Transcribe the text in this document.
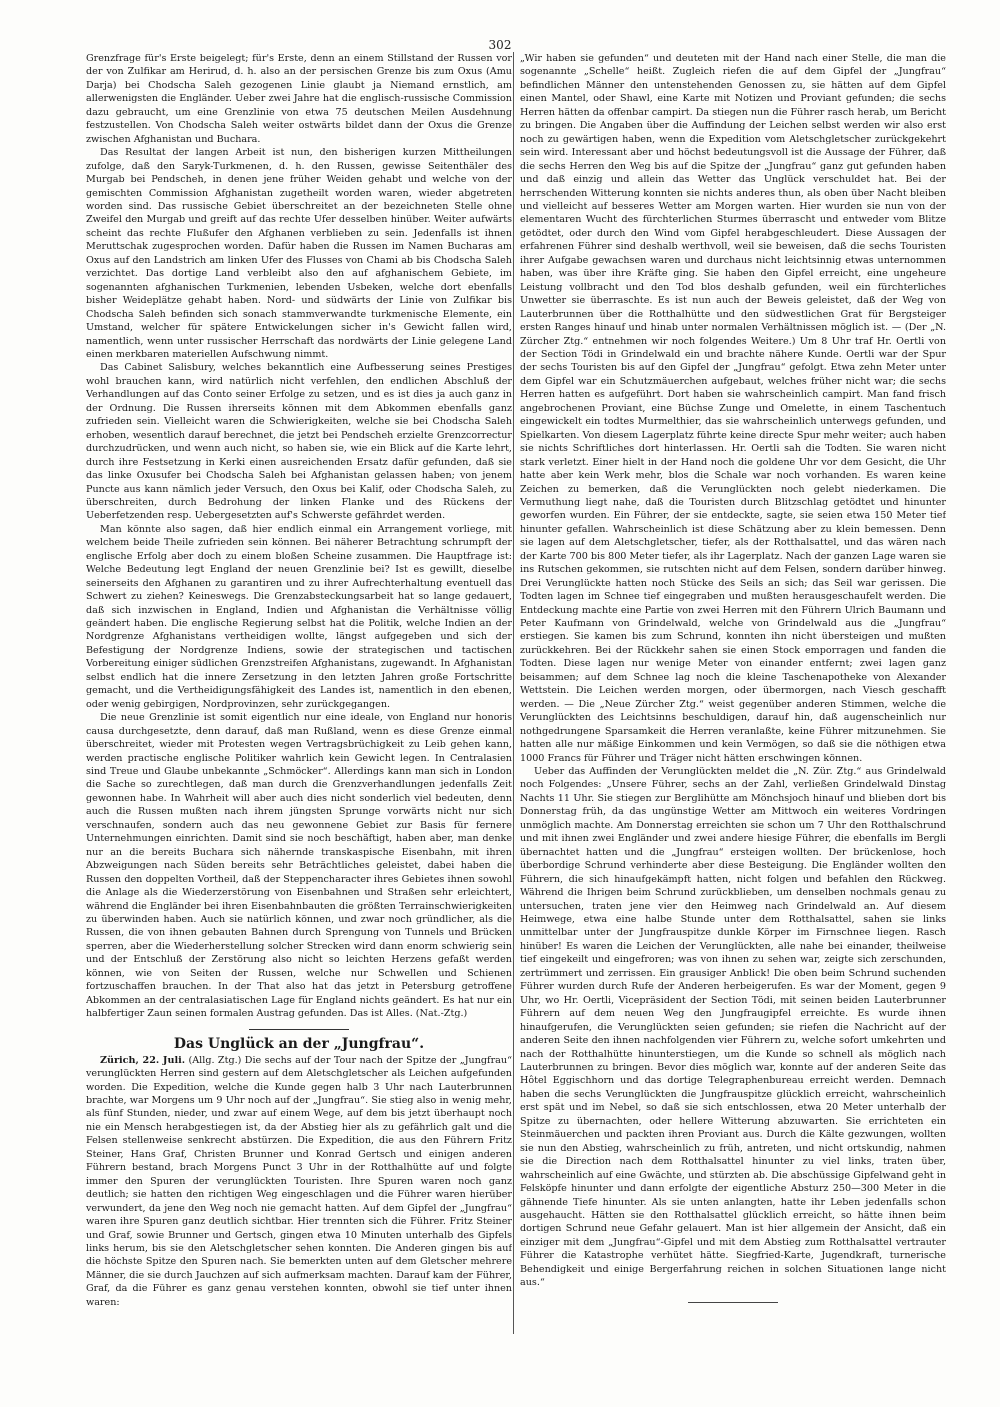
302

Grenzfrage für's Erste beigelegt; für's Erste, denn an einem Stillstand der Russen vor der von Zulfikar am Herirud, d. h. also an der persischen Grenze bis zum Oxus (Amu Darja) bei Chodscha Saleh gezogenen Linie glaubt ja Niemand ernstlich, am allerwenigsten die Engländer. Ueber zwei Jahre hat die englisch-russische Commission dazu gebraucht, um eine Grenzlinie von etwa 75 deutschen Meilen Ausdehnung festzustellen. Von Chodscha Saleh weiter ostwärts bildet dann der Oxus die Grenze zwischen Afghanistan und Buchara.

Das Resultat der langen Arbeit ist nun, den bisherigen kurzen Mittheilungen zufolge, daß den Saryk-Turkmenen, d. h. den Russen, gewisse Seitenthäler des Murgab bei Pendscheh, in denen jene früher Weiden gehabt und welche von der gemischten Commission Afghanistan zugetheilt worden waren, wieder abgetreten worden sind. Das russische Gebiet überschreitet an der bezeichneten Stelle ohne Zweifel den Murgab und greift auf das rechte Ufer desselben hinüber. Weiter aufwärts scheint das rechte Flußufer den Afghanen verblieben zu sein. Jedenfalls ist ihnen Meruttschak zugesprochen worden. Dafür haben die Russen im Namen Bucharas am Oxus auf den Landstrich am linken Ufer des Flusses von Chami ab bis Chodscha Saleh verzichtet. Das dortige Land verbleibt also den auf afghanischem Gebiete, im sogenannten afghanischen Turkmenien, lebenden Usbeken, welche dort ebenfalls bisher Weideplätze gehabt haben. Nord- und südwärts der Linie von Zulfikar bis Chodscha Saleh befinden sich sonach stammverwandte turkmenische Elemente, ein Umstand, welcher für spätere Entwickelungen sicher in's Gewicht fallen wird, namentlich, wenn unter russischer Herrschaft das nordwärts der Linie gelegene Land einen merkbaren materiellen Aufschwung nimmt.

Das Cabinet Salisbury, welches bekanntlich eine Aufbesserung seines Prestiges wohl brauchen kann, wird natürlich nicht verfehlen, den endlichen Abschluß der Verhandlungen auf das Conto seiner Erfolge zu setzen, und es ist dies ja auch ganz in der Ordnung. Die Russen ihrerseits können mit dem Abkommen ebenfalls ganz zufrieden sein. Vielleicht waren die Schwierigkeiten, welche sie bei Chodscha Saleh erhoben, wesentlich darauf berechnet, die jetzt bei Pendscheh erzielte Grenzcorrectur durchzudrücken, und wenn auch nicht, so haben sie, wie ein Blick auf die Karte lehrt, durch ihre Festsetzung in Kerki einen ausreichenden Ersatz dafür gefunden, daß sie das linke Oxusufer bei Chodscha Saleh bei Afghanistan gelassen haben; von jenem Puncte aus kann nämlich jeder Versuch, den Oxus bei Kalif, oder Chodscha Saleh, zu überschreiten, durch Bedrohung der linken Flanke und des Rückens der Ueberfetzenden resp. Uebergesetzten auf's Schwerste gefährdet werden.

Man könnte also sagen, daß hier endlich einmal ein Arrangement vorliege, mit welchem beide Theile zufrieden sein können. Bei näherer Betrachtung schrumpft der englische Erfolg aber doch zu einem bloßen Scheine zusammen. Die Hauptfrage ist: Welche Bedeutung legt England der neuen Grenzlinie bei? Ist es gewillt, dieselbe seinerseits den Afghanen zu garantiren und zu ihrer Aufrechterhaltung eventuell das Schwert zu ziehen? Keineswegs. Die Grenzabsteckungsarbeit hat so lange gedauert, daß sich inzwischen in England, Indien und Afghanistan die Verhältnisse völlig geändert haben. Die englische Regierung selbst hat die Politik, welche Indien an der Nordgrenze Afghanistans vertheidigen wollte, längst aufgegeben und sich der Befestigung der Nordgrenze Indiens, sowie der strategischen und tactischen Vorbereitung einiger südlichen Grenzstreifen Afghanistans, zugewandt. In Afghanistan selbst endlich hat die innere Zersetzung in den letzten Jahren große Fortschritte gemacht, und die Vertheidigungsfähigkeit des Landes ist, namentlich in den ebenen, oder wenig gebirgigen, Nordprovinzen, sehr zurückgegangen.

Die neue Grenzlinie ist somit eigentlich nur eine ideale, von England nur honoris causa durchgesetzte, denn darauf, daß man Rußland, wenn es diese Grenze einmal überschreitet, wieder mit Protesten wegen Vertragsbrüchigkeit zu Leib gehen kann, werden practische englische Politiker wahrlich kein Gewicht legen. In Centralasien sind Treue und Glaube unbekannte „Schmöcker“. Allerdings kann man sich in London die Sache so zurechtlegen, daß man durch die Grenzverhandlungen jedenfalls Zeit gewonnen habe. In Wahrheit will aber auch dies nicht sonderlich viel bedeuten, denn auch die Russen mußten nach ihrem jüngsten Sprunge vorwärts nicht nur sich verschnaufen, sondern auch das neu gewonnene Gebiet zur Basis für fernere Unternehmungen einrichten. Damit sind sie noch beschäftigt, haben aber, man denke nur an die bereits Buchara sich nähernde transkaspische Eisenbahn, mit ihren Abzweigungen nach Süden bereits sehr Beträchtliches geleistet, dabei haben die Russen den doppelten Vortheil, daß der Steppencharacter ihres Gebietes ihnen sowohl die Anlage als die Wiederzerstörung von Eisenbahnen und Straßen sehr erleichtert, während die Engländer bei ihren Eisenbahnbauten die größten Terrainschwierigkeiten zu überwinden haben. Auch sie natürlich können, und zwar noch gründlicher, als die Russen, die von ihnen gebauten Bahnen durch Sprengung von Tunnels und Brücken sperren, aber die Wiederherstellung solcher Strecken wird dann enorm schwierig sein und der Entschluß der Zerstörung also nicht so leichten Herzens gefaßt werden können, wie von Seiten der Russen, welche nur Schwellen und Schienen fortzuschaffen brauchen. In der That also hat das jetzt in Petersburg getroffene Abkommen an der centralasiatischen Lage für England nichts geändert. Es hat nur ein halbfertiger Zaun seinen formalen Austrag gefunden. Das ist Alles. (Nat.-Ztg.)

Das Unglück an der „Jungfrau“.

Zürich, 22. Juli. (Allg. Ztg.) Die sechs auf der Tour nach der Spitze der „Jungfrau“ verunglückten Herren sind gestern auf dem Aletschgletscher als Leichen aufgefunden worden. Die Expedition, welche die Kunde gegen halb 3 Uhr nach Lauterbrunnen brachte, war Morgens um 9 Uhr noch auf der „Jungfrau“. Sie stieg also in wenig mehr, als fünf Stunden, nieder, und zwar auf einem Wege, auf dem bis jetzt überhaupt noch nie ein Mensch herabgestiegen ist, da der Abstieg hier als zu gefährlich galt und die Felsen stellenweise senkrecht abstürzen. Die Expedition, die aus den Führern Fritz Steiner, Hans Graf, Christen Brunner und Konrad Gertsch und einigen anderen Führern bestand, brach Morgens Punct 3 Uhr in der Rotthalhütte auf und folgte immer den Spuren der verunglückten Touristen. Ihre Spuren waren noch ganz deutlich; sie hatten den richtigen Weg eingeschlagen und die Führer waren hierüber verwundert, da jene den Weg noch nie gemacht hatten. Auf dem Gipfel der „Jungfrau“ waren ihre Spuren ganz deutlich sichtbar. Hier trennten sich die Führer. Fritz Steiner und Graf, sowie Brunner und Gertsch, gingen etwa 10 Minuten unterhalb des Gipfels links herum, bis sie den Aletschgletscher sehen konnten. Die Anderen gingen bis auf die höchste Spitze den Spuren nach. Sie bemerkten unten auf dem Gletscher mehrere Männer, die sie durch Jauchzen auf sich aufmerksam machten. Darauf kam der Führer, Graf, da die Führer es ganz genau verstehen konnten, obwohl sie tief unter ihnen waren:

„Wir haben sie gefunden“ und deuteten mit der Hand nach einer Stelle, die man die sogenannte „Schelle“ heißt. Zugleich riefen die auf dem Gipfel der „Jungfrau“ befindlichen Männer den untenstehenden Genossen zu, sie hätten auf dem Gipfel einen Mantel, oder Shawl, eine Karte mit Notizen und Proviant gefunden; die sechs Herren hätten da offenbar campirt. Da stiegen nun die Führer rasch herab, um Bericht zu bringen. Die Angaben über die Auffindung der Leichen selbst werden wir also erst noch zu gewärtigen haben, wenn die Expedition vom Aletschgletscher zurückgekehrt sein wird. Interessant aber und höchst bedeutungsvoll ist die Aussage der Führer, daß die sechs Herren den Weg bis auf die Spitze der „Jungfrau“ ganz gut gefunden haben und daß einzig und allein das Wetter das Unglück verschuldet hat. Bei der herrschenden Witterung konnten sie nichts anderes thun, als oben über Nacht bleiben und vielleicht auf besseres Wetter am Morgen warten. Hier wurden sie nun von der elementaren Wucht des fürchterlichen Sturmes überrascht und entweder vom Blitze getödtet, oder durch den Wind vom Gipfel herabgeschleudert. Diese Aussagen der erfahrenen Führer sind deshalb werthvoll, weil sie beweisen, daß die sechs Touristen ihrer Aufgabe gewachsen waren und durchaus nicht leichtsinnig etwas unternommen haben, was über ihre Kräfte ging. Sie haben den Gipfel erreicht, eine ungeheure Leistung vollbracht und den Tod blos deshalb gefunden, weil ein fürchterliches Unwetter sie überraschte. Es ist nun auch der Beweis geleistet, daß der Weg von Lauterbrunnen über die Rotthalhütte und den südwestlichen Grat für Bergsteiger ersten Ranges hinauf und hinab unter normalen Verhältnissen möglich ist. — (Der „N. Zürcher Ztg.“ entnehmen wir noch folgendes Weitere.) Um 8 Uhr traf Hr. Oertli von der Section Tödi in Grindelwald ein und brachte nähere Kunde. Oertli war der Spur der sechs Touristen bis auf den Gipfel der „Jungfrau“ gefolgt. Etwa zehn Meter unter dem Gipfel war ein Schutzmäuerchen aufgebaut, welches früher nicht war; die sechs Herren hatten es aufgeführt. Dort haben sie wahrscheinlich campirt. Man fand frisch angebrochenen Proviant, eine Büchse Zunge und Omelette, in einem Taschentuch eingewickelt ein todtes Murmelthier, das sie wahrscheinlich unterwegs gefunden, und Spielkarten. Von diesem Lagerplatz führte keine directe Spur mehr weiter; auch haben sie nichts Schriftliches dort hinterlassen. Hr. Oertli sah die Todten. Sie waren nicht stark verletzt. Einer hielt in der Hand noch die goldene Uhr vor dem Gesicht, die Uhr hatte aber kein Werk mehr, blos die Schale war noch vorhanden. Es waren keine Zeichen zu bemerken, daß die Verunglückten noch gelebt niederkamen. Die Vermuthung liegt nahe, daß die Touristen durch Blitzschlag getödtet und hinunter geworfen wurden. Ein Führer, der sie entdeckte, sagte, sie seien etwa 150 Meter tief hinunter gefallen. Wahrscheinlich ist diese Schätzung aber zu klein bemessen. Denn sie lagen auf dem Aletschgletscher, tiefer, als der Rotthalsattel, und das wären nach der Karte 700 bis 800 Meter tiefer, als ihr Lagerplatz. Nach der ganzen Lage waren sie ins Rutschen gekommen, sie rutschten nicht auf dem Felsen, sondern darüber hinweg. Drei Verunglückte hatten noch Stücke des Seils an sich; das Seil war gerissen. Die Todten lagen im Schnee tief eingegraben und mußten herausgeschaufelt werden. Die Entdeckung machte eine Partie von zwei Herren mit den Führern Ulrich Baumann und Peter Kaufmann von Grindelwald, welche von Grindelwald aus die „Jungfrau“ erstiegen. Sie kamen bis zum Schrund, konnten ihn nicht übersteigen und mußten zurückkehren. Bei der Rückkehr sahen sie einen Stock emporragen und fanden die Todten. Diese lagen nur wenige Meter von einander entfernt; zwei lagen ganz beisammen; auf dem Schnee lag noch die kleine Taschenapotheke von Alexander Wettstein. Die Leichen werden morgen, oder übermorgen, nach Viesch geschafft werden. — Die „Neue Zürcher Ztg.“ weist gegenüber anderen Stimmen, welche die Verunglückten des Leichtsinns beschuldigen, darauf hin, daß augenscheinlich nur nothgedrungene Sparsamkeit die Herren veranlaßte, keine Führer mitzunehmen. Sie hatten alle nur mäßige Einkommen und kein Vermögen, so daß sie die nöthigen etwa 1000 Francs für Führer und Träger nicht hätten erschwingen können.

Ueber das Auffinden der Verunglückten meldet die „N. Zür. Ztg.“ aus Grindelwald noch Folgendes: „Unsere Führer, sechs an der Zahl, verließen Grindelwald Dinstag Nachts 11 Uhr. Sie stiegen zur Berglihütte am Mönchsjoch hinauf und blieben dort bis Donnerstag früh, da das ungünstige Wetter am Mittwoch ein weiteres Vordringen unmöglich machte. Am Donnerstag erreichten sie schon um 7 Uhr den Rotthalschrund und mit ihnen zwei Engländer und zwei andere hiesige Führer, die ebenfalls im Bergli übernachtet hatten und die „Jungfrau“ ersteigen wollten. Der brückenlose, hoch überbordige Schrund verhinderte aber diese Besteigung. Die Engländer wollten den Führern, die sich hinaufgekämpft hatten, nicht folgen und befahlen den Rückweg. Während die Ihrigen beim Schrund zurückblieben, um denselben nochmals genau zu untersuchen, traten jene vier den Heimweg nach Grindelwald an. Auf diesem Heimwege, etwa eine halbe Stunde unter dem Rotthalsattel, sahen sie links unmittelbar unter der Jungfrauspitze dunkle Körper im Firnschnee liegen. Rasch hinüber! Es waren die Leichen der Verunglückten, alle nahe bei einander, theilweise tief eingekeilt und eingefroren; was von ihnen zu sehen war, zeigte sich zerschunden, zertrümmert und zerrissen. Ein grausiger Anblick! Die oben beim Schrund suchenden Führer wurden durch Rufe der Anderen herbeigerufen. Es war der Moment, gegen 9 Uhr, wo Hr. Oertli, Vicepräsident der Section Tödi, mit seinen beiden Lauterbrunner Führern auf dem neuen Weg den Jungfraugipfel erreichte. Es wurde ihnen hinaufgerufen, die Verunglückten seien gefunden; sie riefen die Nachricht auf der anderen Seite den ihnen nachfolgenden vier Führern zu, welche sofort umkehrten und nach der Rotthalhütte hinunterstiegen, um die Kunde so schnell als möglich nach Lauterbrunnen zu bringen. Bevor dies möglich war, konnte auf der anderen Seite das Hôtel Eggischhorn und das dortige Telegraphenbureau erreicht werden. Demnach haben die sechs Verunglückten die Jungfrauspitze glücklich erreicht, wahrscheinlich erst spät und im Nebel, so daß sie sich entschlossen, etwa 20 Meter unterhalb der Spitze zu übernachten, oder hellere Witterung abzuwarten. Sie errichteten ein Steinmäuerchen und packten ihren Proviant aus. Durch die Kälte gezwungen, wollten sie nun den Abstieg, wahrscheinlich zu früh, antreten, und nicht ortskundig, nahmen sie die Direction nach dem Rotthalsattel hinunter zu viel links, traten über, wahrscheinlich auf eine Gwächte, und stürzten ab. Die abschüssige Gipfelwand geht in Felsköpfe hinunter und dann erfolgte der eigentliche Absturz 250—300 Meter in die gähnende Tiefe hinunter. Als sie unten anlangten, hatte ihr Leben jedenfalls schon ausgehaucht. Hätten sie den Rotthalsattel glücklich erreicht, so hätte ihnen beim dortigen Schrund neue Gefahr gelauert. Man ist hier allgemein der Ansicht, daß ein einziger mit dem „Jungfrau“-Gipfel und mit dem Abstieg zum Rotthalsattel vertrauter Führer die Katastrophe verhütet hätte. Siegfried-Karte, Jugendkraft, turnerische Behendigkeit und einige Bergerfahrung reichen in solchen Situationen lange nicht aus.“
